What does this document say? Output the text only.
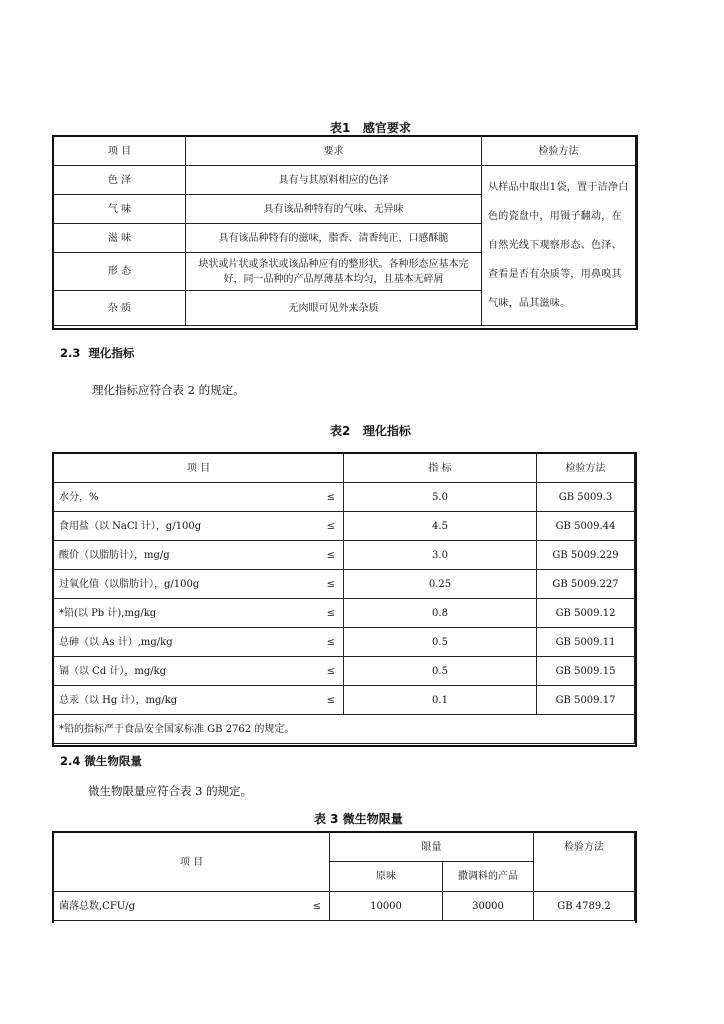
表1   感官要求
项 目	要求	检验方法
色 泽	具有与其原料相应的色泽	从样品中取出1袋，置于洁净白色的瓷盘中，用镊子翻动，在自然光线下观察形态、色泽、查看是否有杂质等，用鼻嗅其气味，品其滋味。
气 味	具有该品种特有的气味、无异味	
滋 味	具有该品种特有的滋味，脂香、清香纯正，口感酥脆	
形 态	块状或片状或条状或该品种应有的整形状。各种形态应基本完好，同一品种的产品厚薄基本均匀，且基本无碎屑	
杂 质	无肉眼可见外来杂质	
2.3  理化指标
理化指标应符合表 2 的规定。
表2   理化指标
项 目		指 标	检验方法
水分，%	≤	5.0	GB 5009.3
食用盐（以 NaCl 计），g/100g	≤	4.5	GB 5009.44
酸价（以脂肪计），mg/g	≤	3.0	GB 5009.229
过氧化值（以脂肪计），g/100g	≤	0.25	GB 5009.227
*铅(以 Pb 计),mg/kg	≤	0.8	GB 5009.12
总砷（以 As 计）,mg/kg	≤	0.5	GB 5009.11
镉（以 Cd 计），mg/kg	≤	0.5	GB 5009.15
总汞（以 Hg 计），mg/kg	≤	0.1	GB 5009.17
*铅的指标严于食品安全国家标准 GB 2762 的规定。			
2.4 微生物限量
微生物限量应符合表 3 的规定。
表 3 微生物限量
项 目		限量		检验方法
		原味	撒调料的产品	
菌落总数,CFU/g	≤	10000	30000	GB 4789.2
